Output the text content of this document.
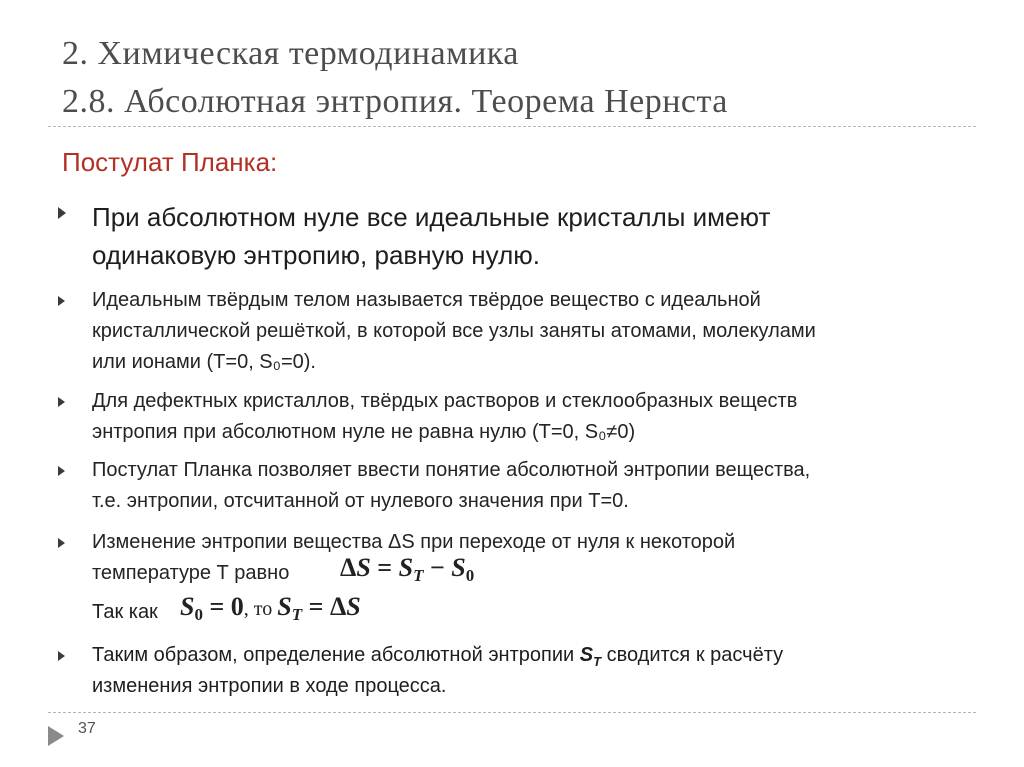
2. Химическая термодинамика
2.8. Абсолютная энтропия. Теорема Нернста
Постулат Планка:
При абсолютном нуле все идеальные кристаллы имеют
одинаковую энтропию, равную нулю.
Идеальным твёрдым телом называется твёрдое вещество с идеальной
кристаллической решёткой, в которой все узлы заняты атомами, молекулами
или ионами (T=0, S₀=0).
Для дефектных кристаллов, твёрдых растворов и стеклообразных веществ
энтропия при абсолютном нуле не равна нулю (T=0, S₀≠0)
Постулат Планка позволяет ввести понятие абсолютной энтропии вещества,
т.е. энтропии, отсчитанной от нулевого значения при T=0.
Изменение энтропии вещества ΔS при переходе от нуля к некоторой
температуре Т равно	$\Delta S = S_T - S_0$
Так как $S_0 = 0$, то $S_T = \Delta S$
Таким образом, определение абсолютной энтропии $S_T$ сводится к расчёту
изменения энтропии в ходе процесса.
37
